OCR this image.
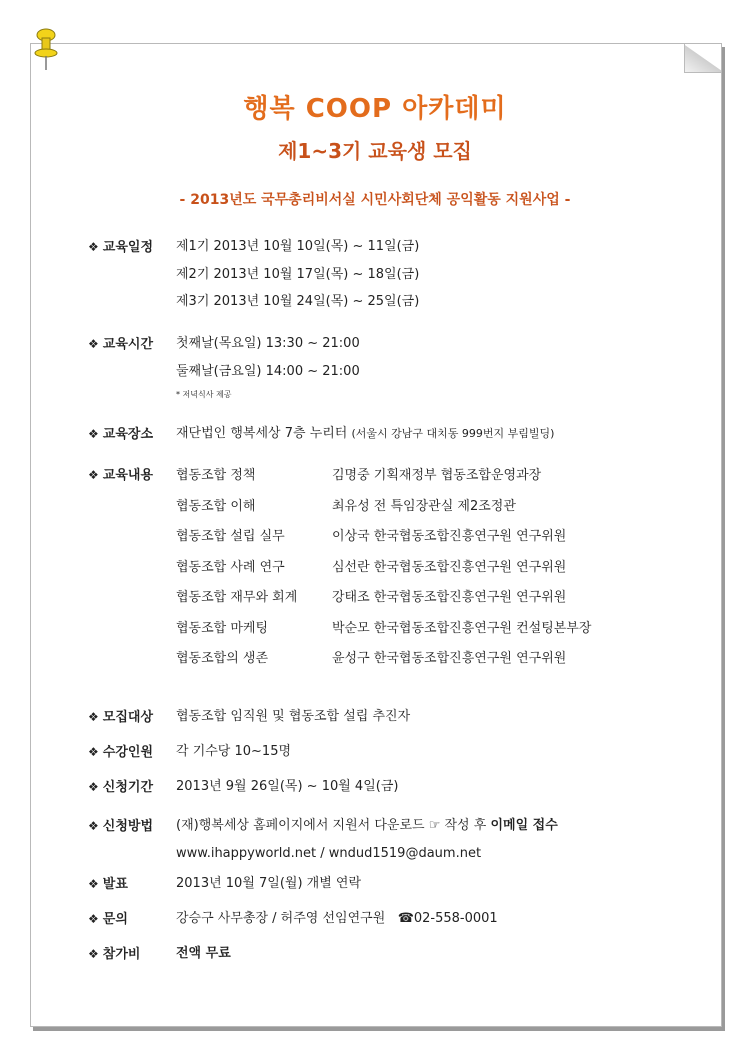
행복 COOP 아카데미
제1~3기 교육생 모집
- 2013년도 국무총리비서실 시민사회단체 공익활동 지원사업 -
❖ 교육일정 제1기 2013년 10월 10일(목) ~ 11일(금)
제2기 2013년 10월 17일(목) ~ 18일(금)
제3기 2013년 10월 24일(목) ~ 25일(금)
❖ 교육시간 첫째날(목요일) 13:30 ~ 21:00
둘째날(금요일) 14:00 ~ 21:00
* 저녁식사 제공
❖ 교육장소 재단법인 행복세상 7층 누리터 (서울시 강남구 대치동 999번지 부림빌딩)
❖ 교육내용 협동조합 정책	김명중 기획재정부 협동조합운영과장
협동조합 이해	최유성 전 특임장관실 제2조정관
협동조합 설립 실무	이상국 한국협동조합진흥연구원 연구위원
협동조합 사례 연구	심선란 한국협동조합진흥연구원 연구위원
협동조합 재무와 회계	강태조 한국협동조합진흥연구원 연구위원
협동조합 마케팅	박순모 한국협동조합진흥연구원 컨설팅본부장
협동조합의 생존	윤성구 한국협동조합진흥연구원 연구위원
❖ 모집대상 협동조합 임직원 및 협동조합 설립 추진자
❖ 수강인원 각 기수당 10~15명
❖ 신청기간 2013년 9월 26일(목) ~ 10월 4일(금)
❖ 신청방법 (재)행복세상 홈페이지에서 지원서 다운로드 ☞ 작성 후 이메일 접수
www.ihappyworld.net / wndud1519@daum.net
❖ 발표	2013년 10월 7일(월) 개별 연락
❖ 문의	강승구 사무총장 / 허주영 선임연구원 ☎02-558-0001
❖ 참가비	전액 무료
